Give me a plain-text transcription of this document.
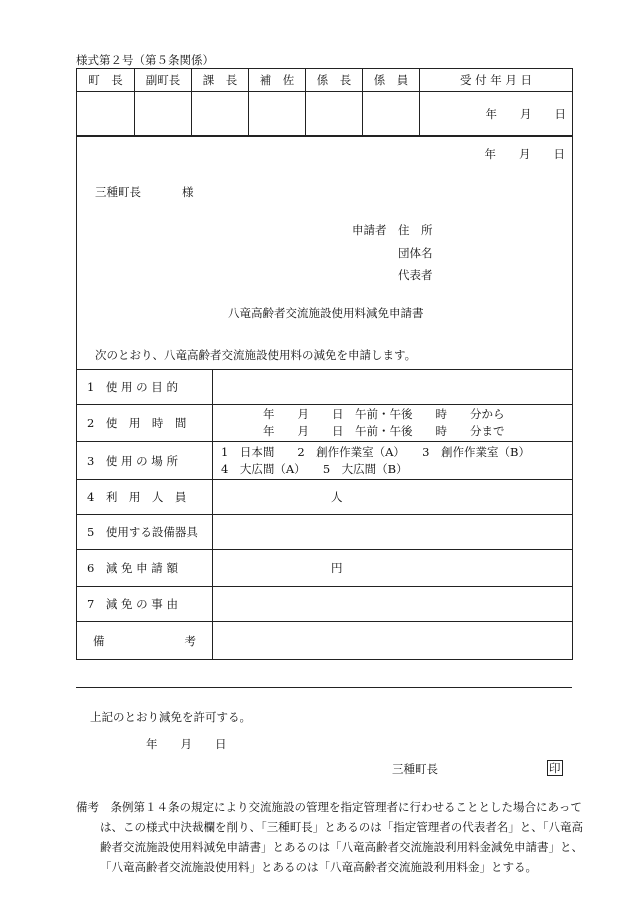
様式第２号（第５条関係）
町　長	副町長	課　長	補　佐	係　長	係　員	受 付 年 月 日
						年　　月　　日
年　　月　　日
三種町長	様
申請者 住　所
団体名
代表者
八竜高齢者交流施設使用料減免申請書
次のとおり、八竜高齢者交流施設使用料の減免を申請します。
1　使 用 の 目 的	
2　使　用　時　間	年　　月　　日　午前・午後　　時　　分から
年　　月　　日　午前・午後　　時　　分まで

3　使 用 の 場 所	1　日本間　　2　創作作業室（A）　　3　創作作業室（B）
4　大広間（A）　　5　大広間（B）

4　利　用　人　員	人
5　使用する設備器具	
6　減 免 申 請 額	円
7　減 免 の 事 由	
備 考	

上記のとおり減免を許可する。
年　　月　　日
三種町長	印
備考　条例第１４条の規定により交流施設の管理を指定管理者に行わせることとした場合にあって
は、この様式中決裁欄を削り、「三種町長」とあるのは「指定管理者の代表者名」と、「八竜高
齢者交流施設使用料減免申請書」とあるのは「八竜高齢者交流施設利用料金減免申請書」と、
「八竜高齢者交流施設使用料」とあるのは「八竜高齢者交流施設利用料金」とする。
